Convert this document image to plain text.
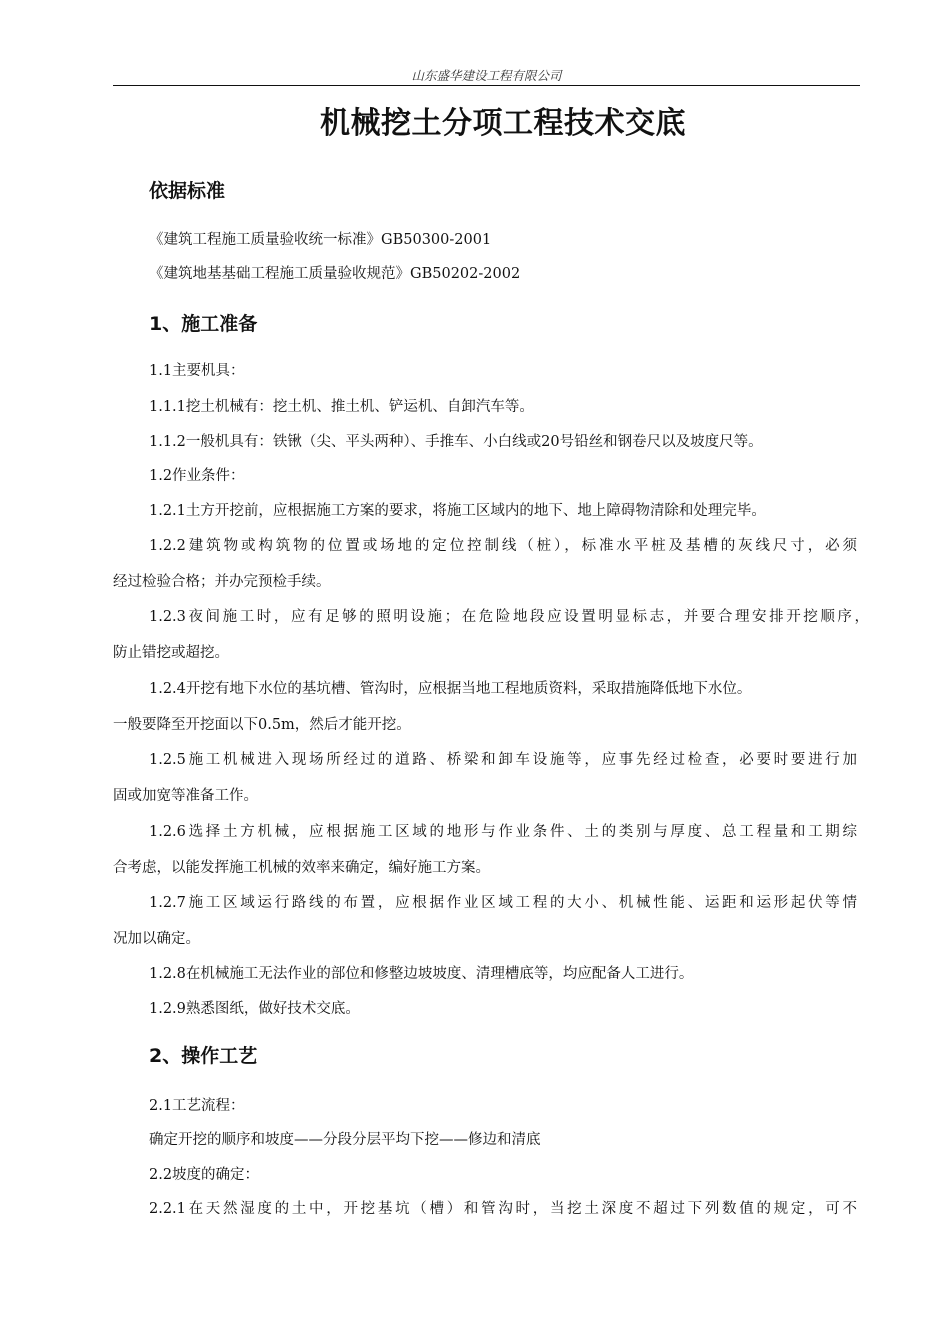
山东盛华建设工程有限公司
机械挖土分项工程技术交底
依据标准
《建筑工程施工质量验收统一标准》GB50300-2001
《建筑地基基础工程施工质量验收规范》GB50202-2002
1、施工准备
1.1主要机具：
1.1.1挖土机械有：挖土机、推土机、铲运机、自卸汽车等。
1.1.2一般机具有：铁锹（尖、平头两种）、手推车、小白线或20号铅丝和钢卷尺以及坡度尺等。
1.2作业条件：
1.2.1土方开挖前，应根据施工方案的要求，将施工区域内的地下、地上障碍物清除和处理完毕。
1.2.2建筑物或构筑物的位置或场地的定位控制线（桩），标准水平桩及基槽的灰线尺寸，必须
经过检验合格；并办完预检手续。
1.2.3夜间施工时，应有足够的照明设施；在危险地段应设置明显标志，并要合理安排开挖顺序，
防止错挖或超挖。
1.2.4开挖有地下水位的基坑槽、管沟时，应根据当地工程地质资料，采取措施降低地下水位。
一般要降至开挖面以下0.5m，然后才能开挖。
1.2.5施工机械进入现场所经过的道路、桥梁和卸车设施等，应事先经过检查，必要时要进行加
固或加宽等准备工作。
1.2.6选择土方机械，应根据施工区域的地形与作业条件、土的类别与厚度、总工程量和工期综
合考虑，以能发挥施工机械的效率来确定，编好施工方案。
1.2.7施工区域运行路线的布置，应根据作业区域工程的大小、机械性能、运距和运形起伏等情
况加以确定。
1.2.8在机械施工无法作业的部位和修整边坡坡度、清理槽底等，均应配备人工进行。
1.2.9熟悉图纸，做好技术交底。
2、操作工艺
2.1工艺流程：
确定开挖的顺序和坡度——分段分层平均下挖——修边和清底
2.2坡度的确定：
2.2.1在天然湿度的土中，开挖基坑（槽）和管沟时，当挖土深度不超过下列数值的规定，可不
